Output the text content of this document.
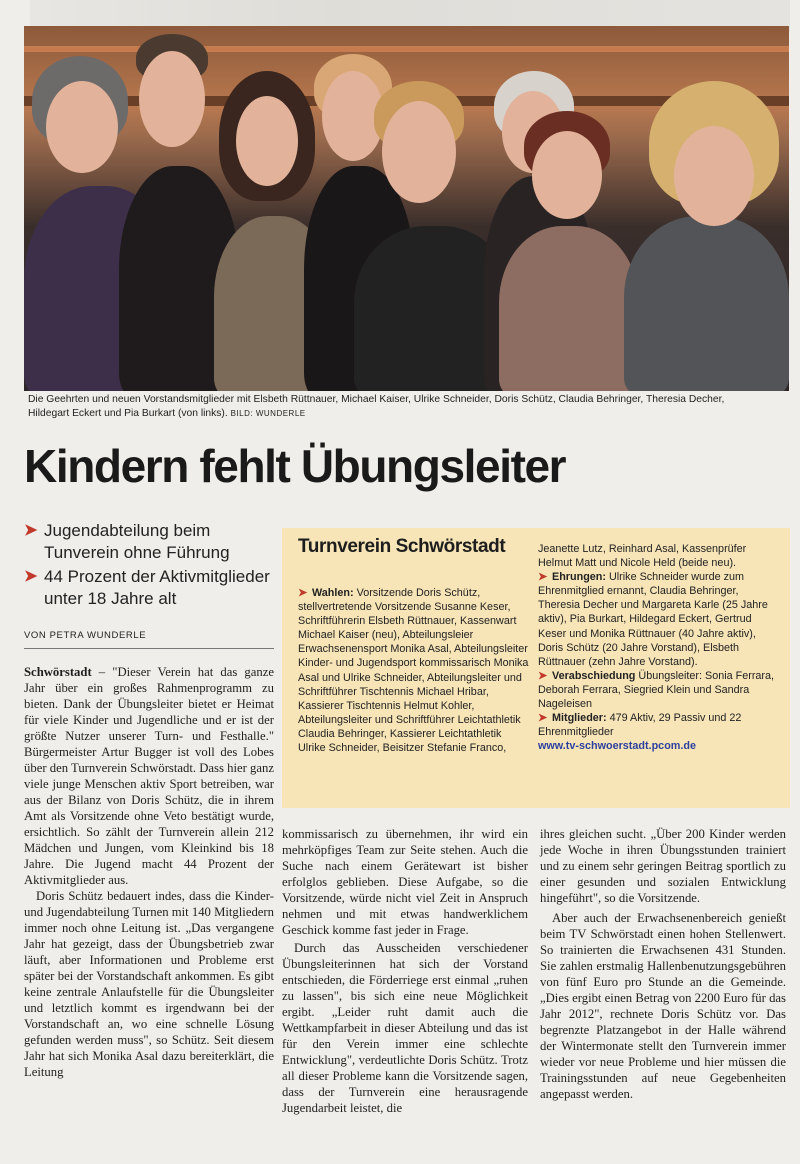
Die Geehrten und neuen Vorstandsmitglieder mit Elsbeth Rüttnauer, Michael Kaiser, Ulrike Schneider, Doris Schütz, Claudia Behringer, Theresia Decher, Hildegart Eckert und Pia Burkart (von links). BILD: WUNDERLE
Kindern fehlt Übungsleiter
➤ Jugendabteilung beim Tunverein ohne Führung
➤ 44 Prozent der Aktivmitglieder unter 18 Jahre alt
VON PETRA WUNDERLE

Schwörstadt – "Dieser Verein hat das ganze Jahr über ein großes Rahmenprogramm zu bieten. Dank der Übungsleiter bietet er Heimat für viele Kinder und Jugendliche und er ist der größte Nutzer unserer Turn- und Festhalle." Bürgermeister Artur Bugger ist voll des Lobes über den Turnverein Schwörstadt. Dass hier ganz viele junge Menschen aktiv Sport betreiben, war aus der Bilanz von Doris Schütz, die in ihrem Amt als Vorsitzende ohne Veto bestätigt wurde, ersichtlich. So zählt der Turnverein allein 212 Mädchen und Jungen, vom Kleinkind bis 18 Jahre. Die Jugend macht 44 Prozent der Aktivmitglieder aus.

Doris Schütz bedauert indes, dass die Kinder- und Jugendabteilung Turnen mit 140 Mitgliedern immer noch ohne Leitung ist. „Das vergangene Jahr hat gezeigt, dass der Übungsbetrieb zwar läuft, aber Informationen und Probleme erst später bei der Vorstandschaft ankommen. Es gibt keine zentrale Anlaufstelle für die Übungsleiter und letztlich kommt es irgendwann bei der Vorstandschaft an, wo eine schnelle Lösung gefunden werden muss", so Schütz. Seit diesem Jahr hat sich Monika Asal dazu bereiterklärt, die Leitung

Turnverein Schwörstadt
➤ Wahlen: Vorsitzende Doris Schütz, stellvertretende Vorsitzende Susanne Keser, Schriftführerin Elsbeth Rüttnauer, Kassenwart Michael Kaiser (neu), Abteilungsleier Erwachsenensport Monika Asal, Abteilungsleiter Kinder- und Jugendsport kommissarisch Monika Asal und Ulrike Schneider, Abteilungsleiter und Schriftführer Tischtennis Michael Hribar, Kassierer Tischtennis Helmut Kohler, Abteilungsleiter und Schriftführer Leichtathletik Claudia Behringer, Kassierer Leichtathletik Ulrike Schneider, Beisitzer Stefanie Franco,
Jeanette Lutz, Reinhard Asal, Kassenprüfer Helmut Matt und Nicole Held (beide neu).
➤ Ehrungen: Ulrike Schneider wurde zum Ehrenmitglied ernannt, Claudia Behringer, Theresia Decher und Margareta Karle (25 Jahre aktiv), Pia Burkart, Hildegard Eckert, Gertrud Keser und Monika Rüttnauer (40 Jahre aktiv), Doris Schütz (20 Jahre Vorstand), Elsbeth Rüttnauer (zehn Jahre Vorstand).
➤ Verabschiedung Übungsleiter: Sonia Ferrara, Deborah Ferrara, Siegried Klein und Sandra Nageleisen
➤ Mitglieder: 479 Aktiv, 29 Passiv und 22 Ehrenmitglieder
www.tv-schwoerstadt.pcom.de

kommissarisch zu übernehmen, ihr wird ein mehrköpfiges Team zur Seite stehen. Auch die Suche nach einem Gerätewart ist bisher erfolglos geblieben. Diese Aufgabe, so die Vorsitzende, würde nicht viel Zeit in Anspruch nehmen und mit etwas handwerklichem Geschick komme fast jeder in Frage.

Durch das Ausscheiden verschiedener Übungsleiterinnen hat sich der Vorstand entschieden, die Förderriege erst einmal „ruhen zu lassen", bis sich eine neue Möglichkeit ergibt. „Leider ruht damit auch die Wettkampfarbeit in dieser Abteilung und das ist für den Verein immer eine schlechte Entwicklung", verdeutlichte Doris Schütz. Trotz all dieser Probleme kann die Vorsitzende sagen, dass der Turnverein eine herausragende Jugendarbeit leistet, die

ihres gleichen sucht. „Über 200 Kinder werden jede Woche in ihren Übungsstunden trainiert und zu einem sehr geringen Beitrag sportlich zu einer gesunden und sozialen Entwicklung hingeführt", so die Vorsitzende.

Aber auch der Erwachsenenbereich genießt beim TV Schwörstadt einen hohen Stellenwert. So trainierten die Erwachsenen 431 Stunden. Sie zahlen erstmalig Hallenbenutzungsgebühren von fünf Euro pro Stunde an die Gemeinde. „Dies ergibt einen Betrag von 2200 Euro für das Jahr 2012", rechnete Doris Schütz vor. Das begrenzte Platzangebot in der Halle während der Wintermonate stellt den Turnverein immer wieder vor neue Probleme und hier müssen die Trainingsstunden auf neue Gegebenheiten angepasst werden.
